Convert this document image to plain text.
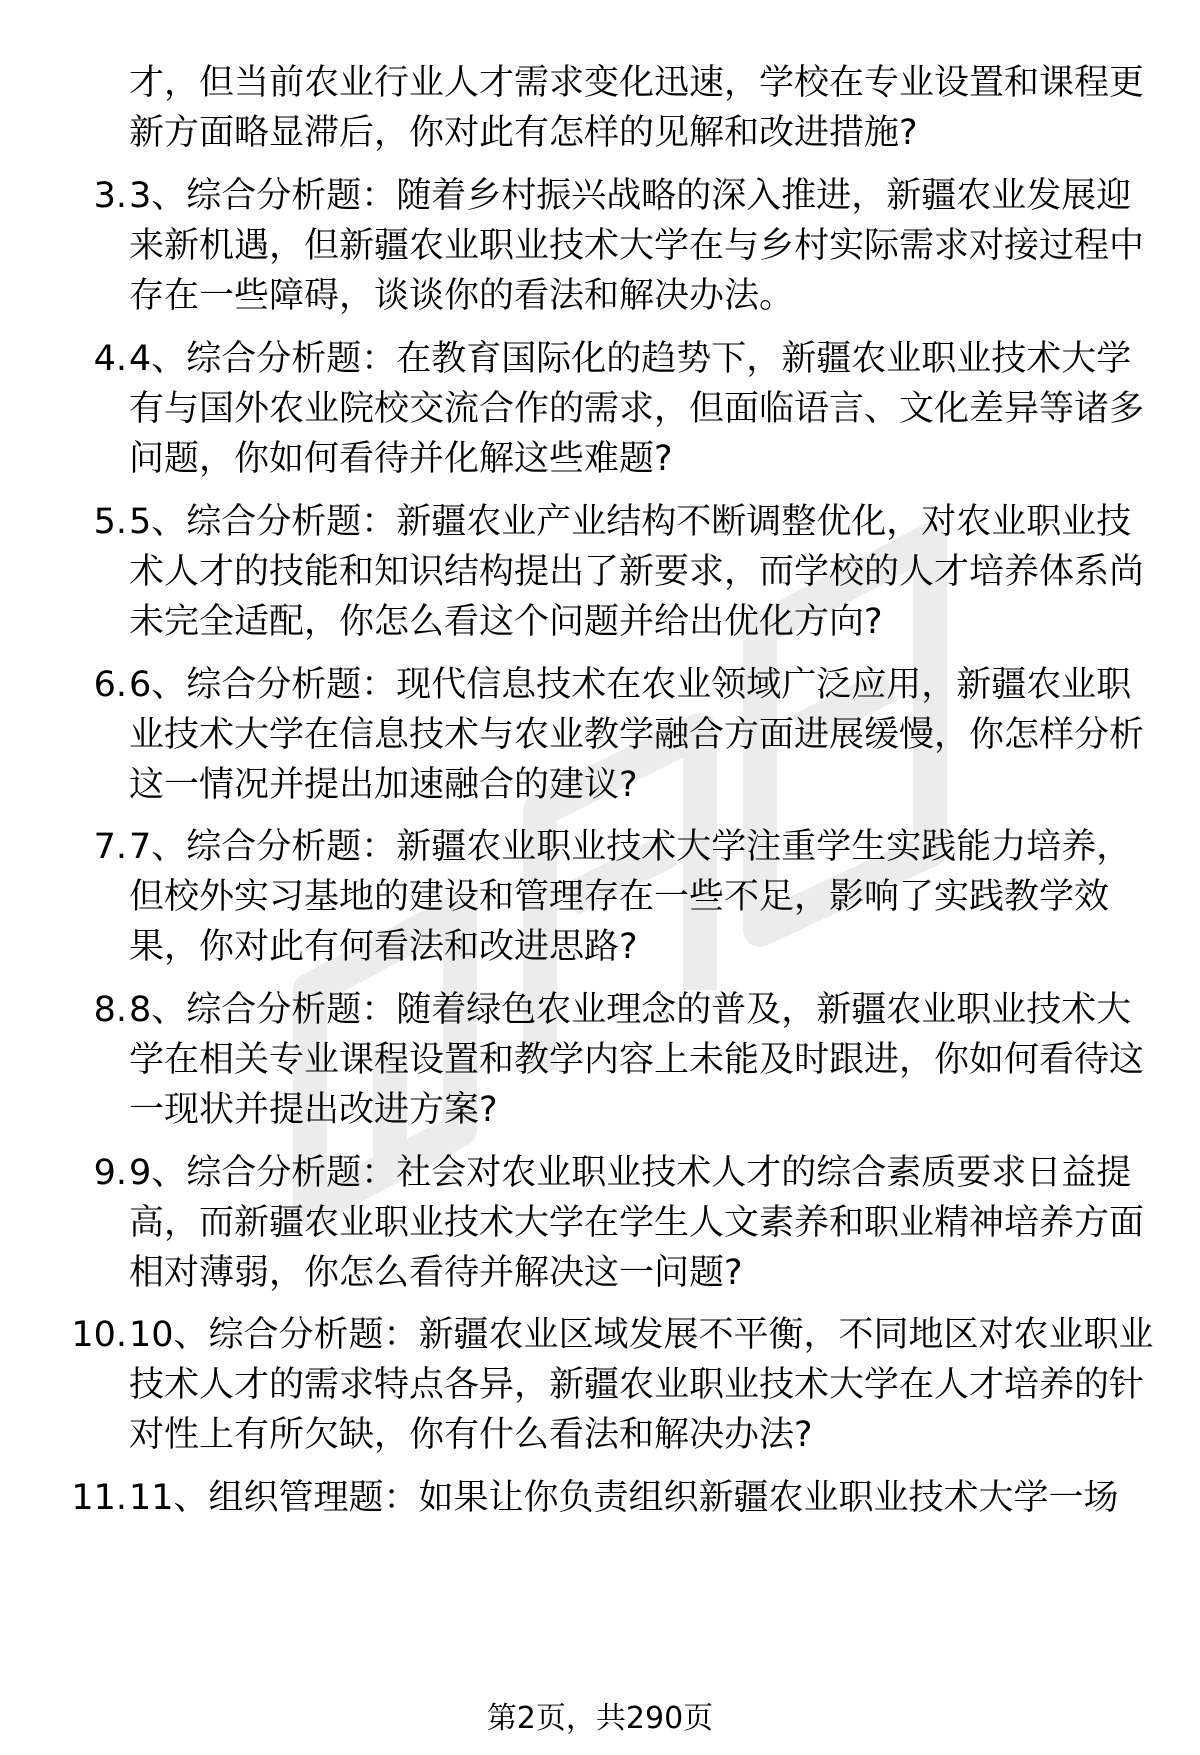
才，但当前农业行业人才需求变化迅速，学校在专业设置和课程更新方面略显滞后，你对此有怎样的见解和改进措施?
3. 3、综合分析题：随着乡村振兴战略的深入推进，新疆农业发展迎来新机遇，但新疆农业职业技术大学在与乡村实际需求对接过程中存在一些障碍，谈谈你的看法和解决办法。
4. 4、综合分析题：在教育国际化的趋势下，新疆农业职业技术大学有与国外农业院校交流合作的需求，但面临语言、文化差异等诸多问题，你如何看待并化解这些难题?
5. 5、综合分析题：新疆农业产业结构不断调整优化，对农业职业技术人才的技能和知识结构提出了新要求，而学校的人才培养体系尚未完全适配，你怎么看这个问题并给出优化方向?
6. 6、综合分析题：现代信息技术在农业领域广泛应用，新疆农业职业技术大学在信息技术与农业教学融合方面进展缓慢，你怎样分析这一情况并提出加速融合的建议?
7. 7、综合分析题：新疆农业职业技术大学注重学生实践能力培养，但校外实习基地的建设和管理存在一些不足，影响了实践教学效果，你对此有何看法和改进思路?
8. 8、综合分析题：随着绿色农业理念的普及，新疆农业职业技术大学在相关专业课程设置和教学内容上未能及时跟进，你如何看待这一现状并提出改进方案?
9. 9、综合分析题：社会对农业职业技术人才的综合素质要求日益提高，而新疆农业职业技术大学在学生人文素养和职业精神培养方面相对薄弱，你怎么看待并解决这一问题?
10. 10、综合分析题：新疆农业区域发展不平衡，不同地区对农业职业技术人才的需求特点各异，新疆农业职业技术大学在人才培养的针对性上有所欠缺，你有什么看法和解决办法?
11. 11、组织管理题：如果让你负责组织新疆农业职业技术大学一场
第2页，共290页
